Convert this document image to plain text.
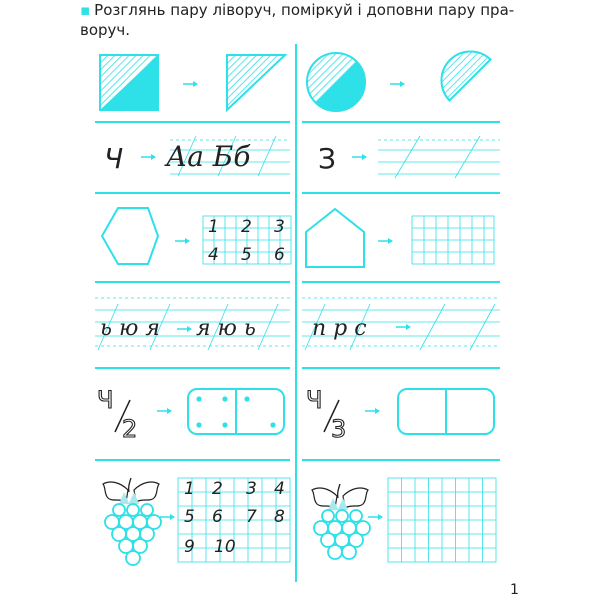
▪ Розглянь пару ліворуч, поміркуй і доповни пару пра-
воруч.
Ч Аа Бб З
1 2 3
4 5 6
ь ю я я ю ь	п р с
Ч
2
Ч
3
1 2 3 4
5 6 7 8
9 10
1
